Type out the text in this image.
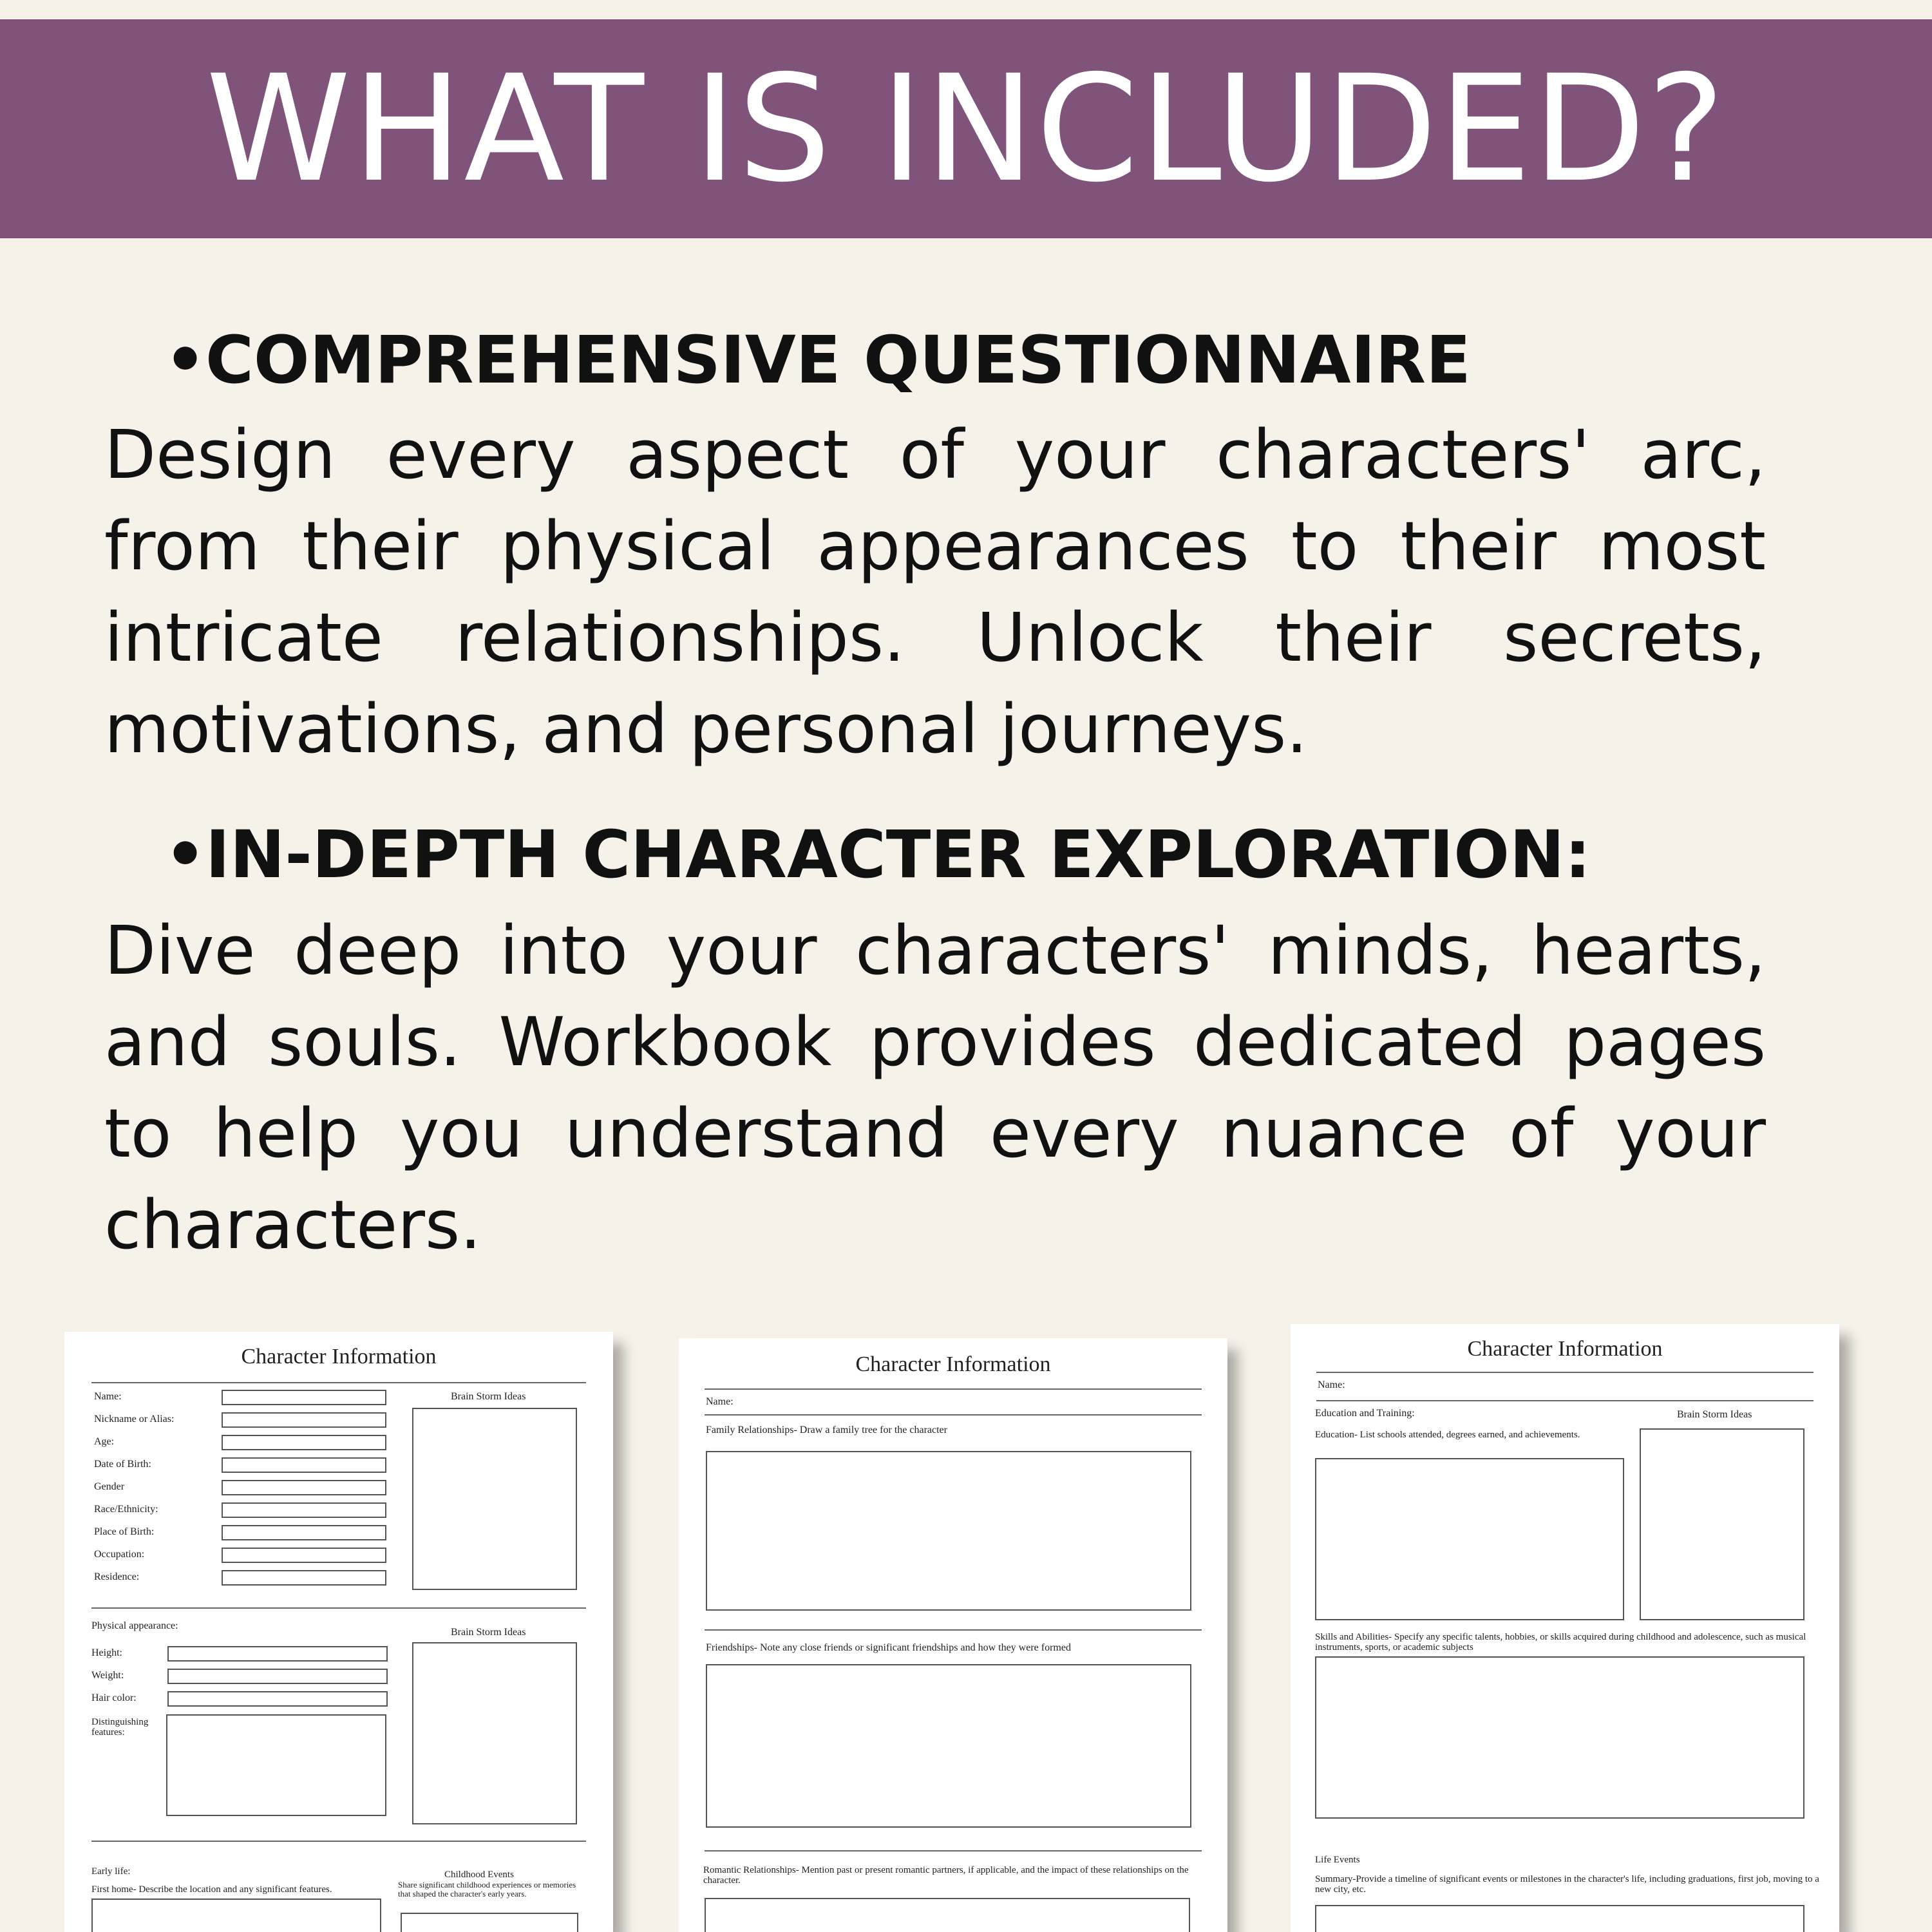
WHAT IS INCLUDED?
•COMPREHENSIVE QUESTIONNAIRE
Design every aspect of your characters' arc, from their physical appearances to their most intricate relationships. Unlock their secrets, motivations, and personal journeys.
•IN-DEPTH CHARACTER EXPLORATION:
Dive deep into your characters' minds, hearts, and souls. Workbook provides dedicated pages to help you understand every nuance of your characters.
Character Information
Name:
Nickname or Alias:
Age:
Date of Birth:
Gender
Race/Ethnicity:
Place of Birth:
Occupation:
Residence:
Brain Storm Ideas
Physical appearance:
Brain Storm Ideas
Height:
Weight:
Hair color:
Distinguishing features:
Early life:
First home- Describe the location and any significant features.
Childhood Events
Share significant childhood experiences or memories that shaped the character's early years.
Character Information
Name:
Family Relationships- Draw a family tree for the character
Friendships- Note any close friends or significant friendships and how they were formed
Romantic Relationships- Mention past or present romantic partners, if applicable, and the impact of these relationships on the character.
Character Information
Name:
Education and Training:	Brain Storm Ideas
Education- List schools attended, degrees earned, and achievements.
Skills and Abilities- Specify any specific talents, hobbies, or skills acquired during childhood and adolescence, such as musical instruments, sports, or academic subjects
Life Events
Summary-Provide a timeline of significant events or milestones in the character's life, including graduations, first job, moving to a new city, etc.
